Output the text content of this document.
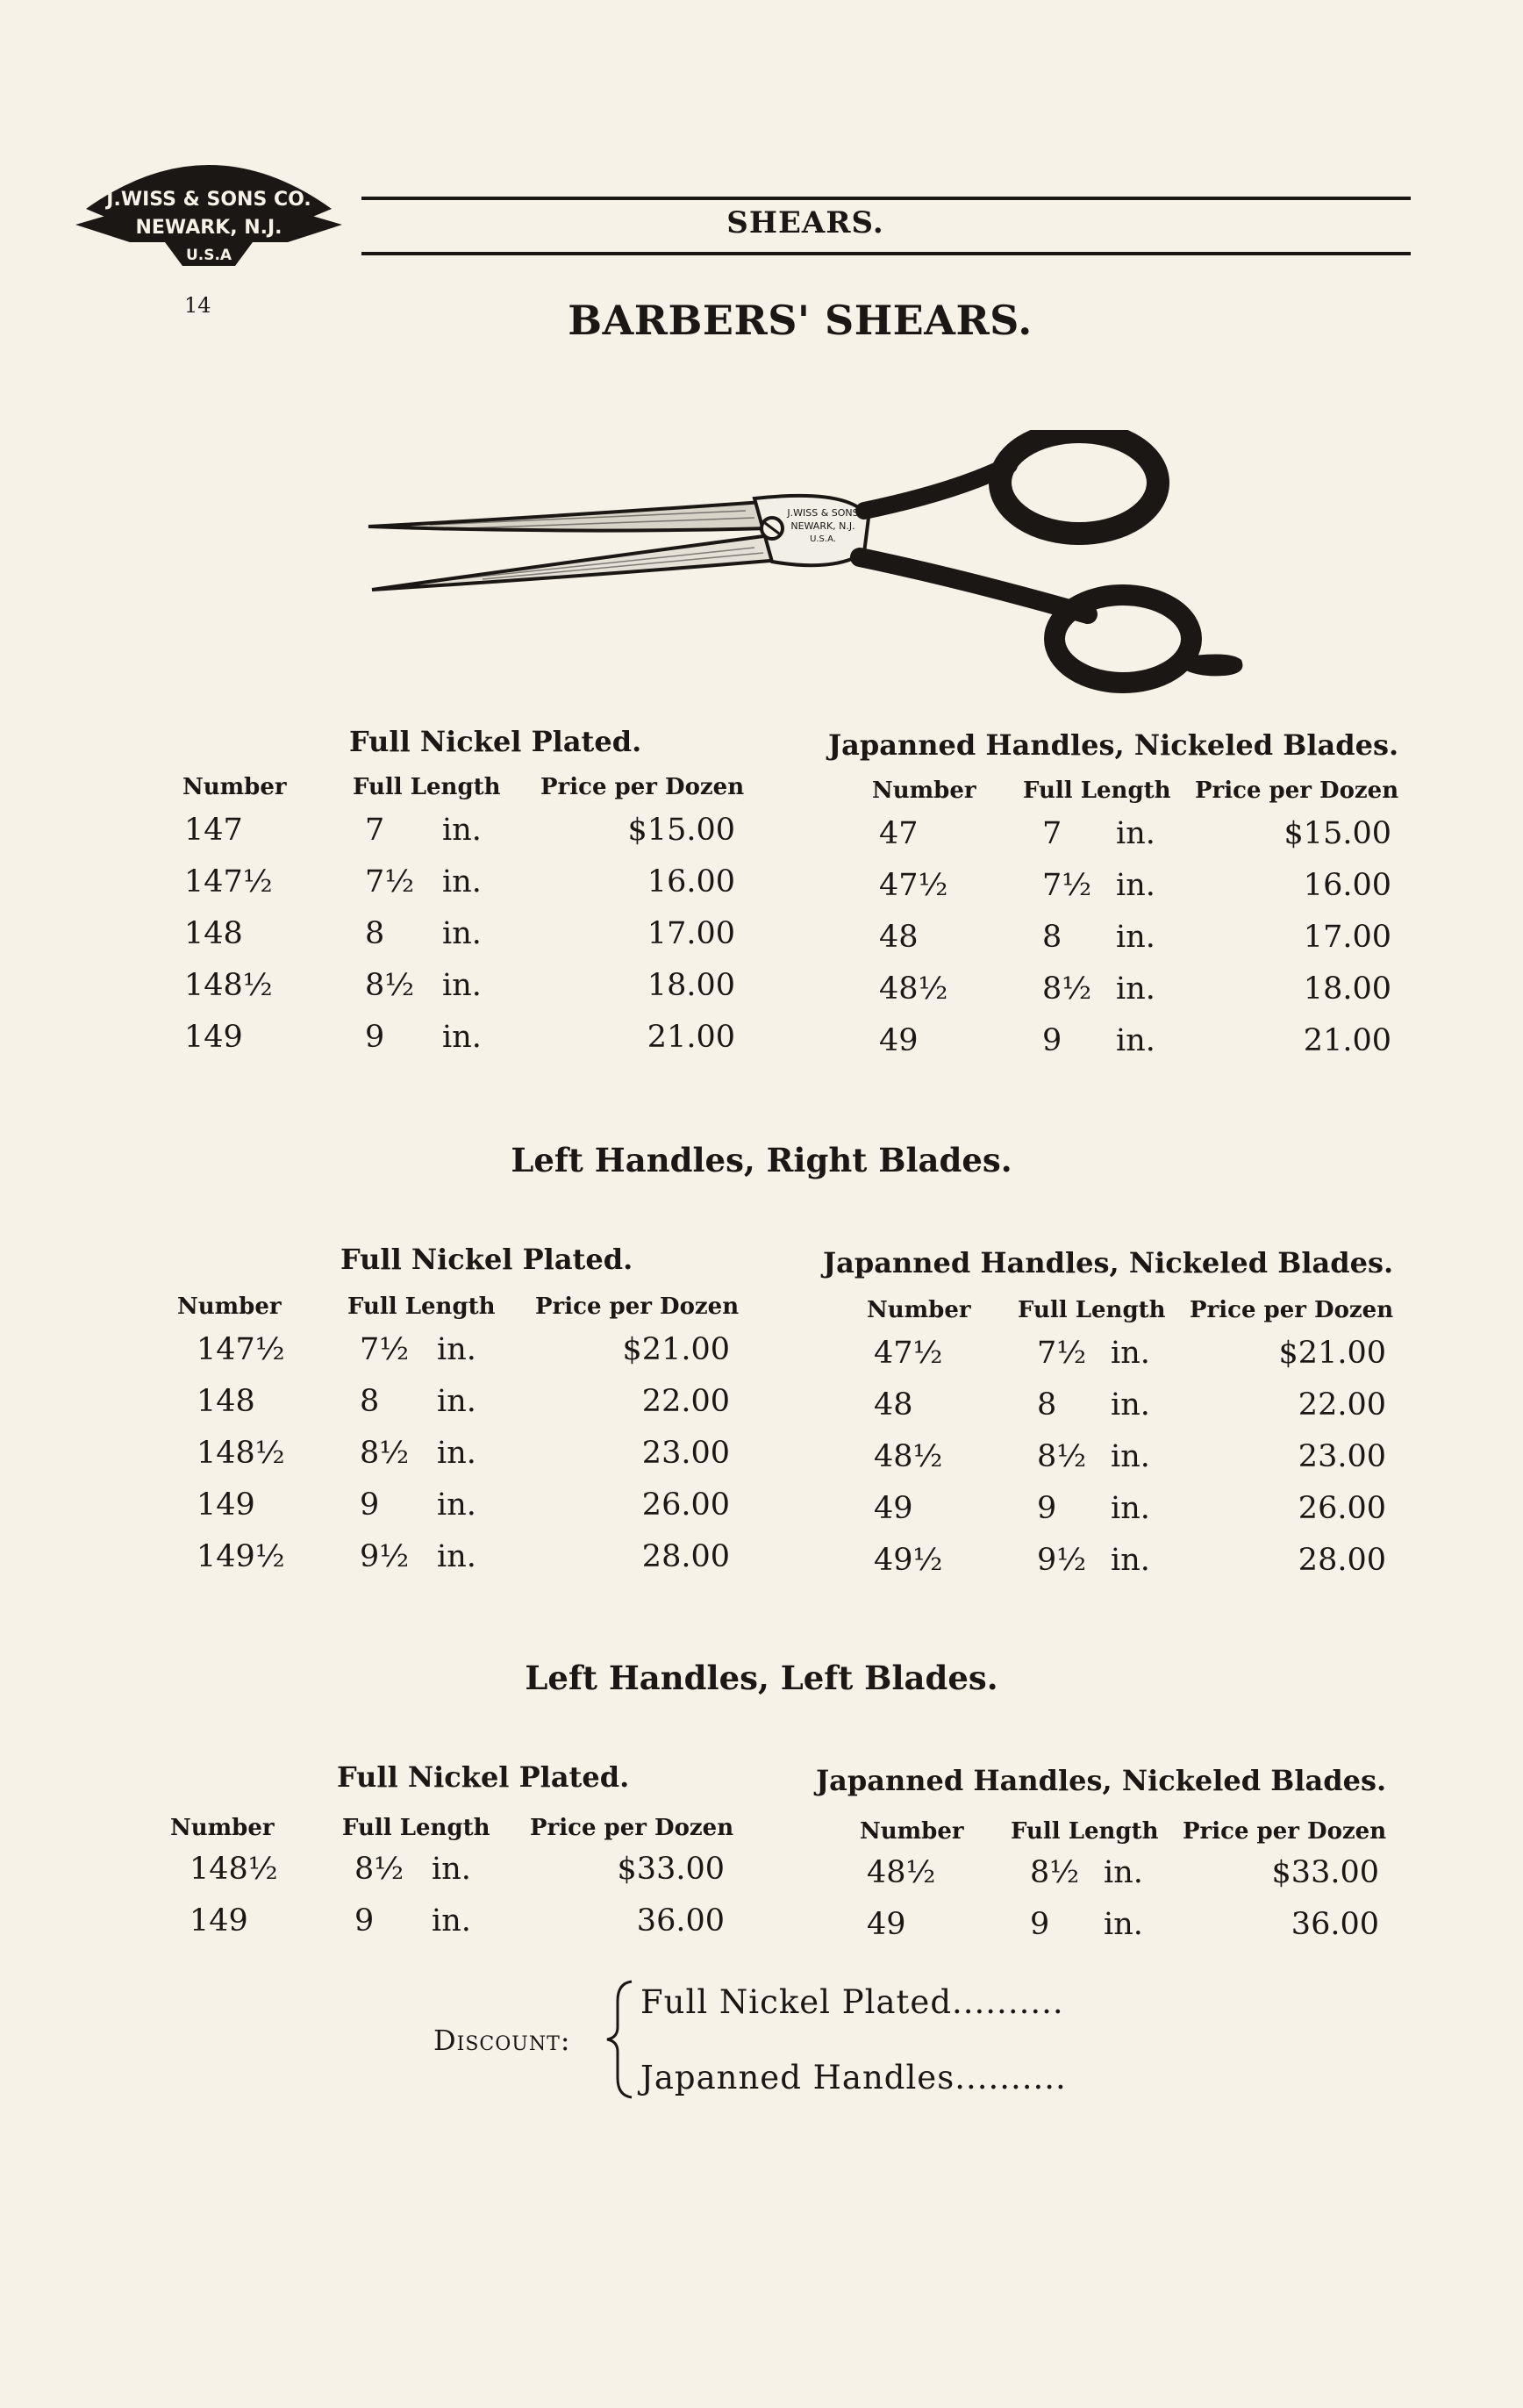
J.WISS & SONS CO.
NEWARK, N.J.
U.S.A
SHEARS.
14	BARBERS' SHEARS.
J.WISS & SONS
NEWARK, N.J.
U.S.A.
Left Handles, Right Blades.
Left Handles, Left Blades.
Full Nickel Plated.
Number	Full Length Price per Dozen
147	7 in.	$15.00
147½	7½ in.	16.00
148	8 in.	17.00
148½	8½ in.	18.00
149	9 in.	21.00
Japanned Handles, Nickeled Blades.
Number Full Length Price per Dozen
47	7 in.	$15.00
47½	7½ in.	16.00
48	8 in.	17.00
48½	8½ in.	18.00
49	9 in.	21.00
Full Nickel Plated.
Number	Full Length Price per Dozen
147½ 7½ in.	$21.00
148	8 in.	22.00
148½ 8½ in.	23.00
149	9 in.	26.00
149½ 9½ in.	28.00
Japanned Handles, Nickeled Blades.
Number Full Length Price per Dozen
47½	7½ in.	$21.00
48	8 in.	22.00
48½	8½ in.	23.00
49	9 in.	26.00
49½	9½ in.	28.00
Full Nickel Plated.
Number	Full Length Price per Dozen
148½ 8½ in.	$33.00
149	9 in.	36.00
Japanned Handles, Nickeled Blades.
Number Full Length Price per Dozen
48½	8½ in.	$33.00
49	9 in.	36.00
Discount:
Full Nickel Plated..........
Japanned Handles..........
